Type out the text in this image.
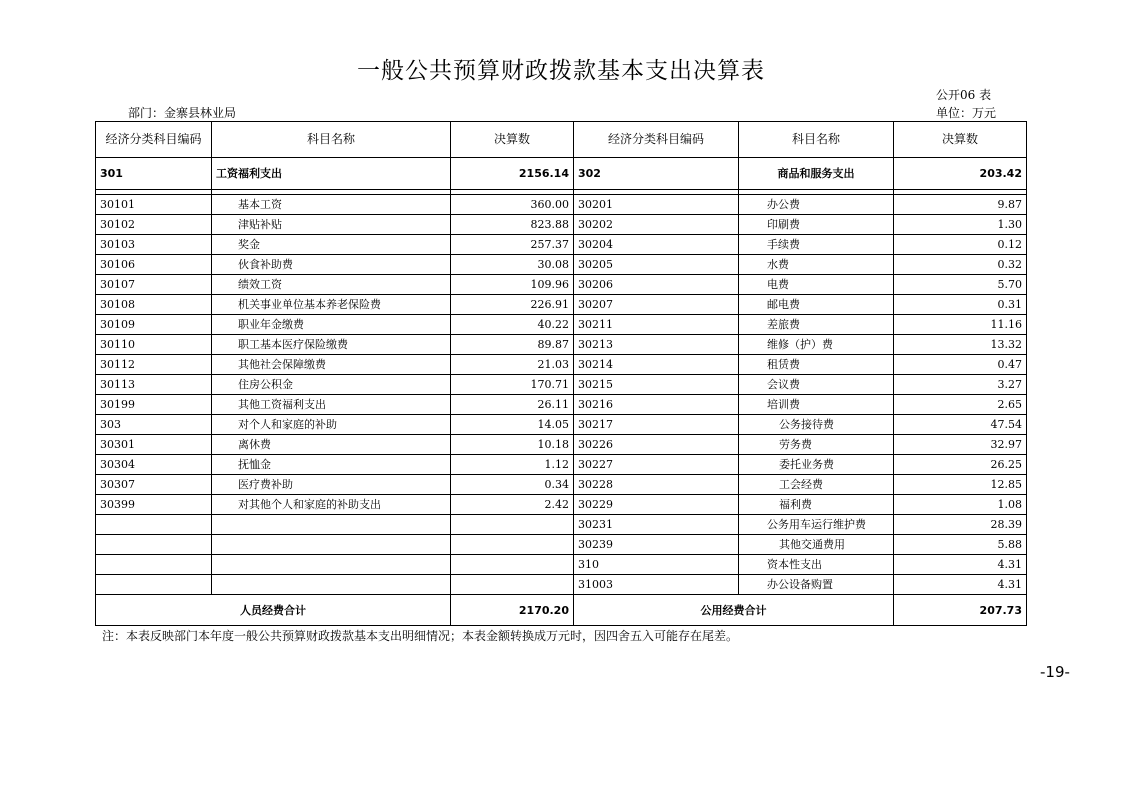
一般公共预算财政拨款基本支出决算表
公开06 表
部门：金寨县林业局	单位：万元
经济分类科目编码	科目名称	决算数	经济分类科目编码	科目名称	决算数
301	工资福利支出	2156.14	302	商品和服务支出	203.42

30101	基本工资	360.00	30201	办公费	9.87
30102	津贴补贴	823.88	30202	印刷费	1.30
30103	奖金	257.37	30204	手续费	0.12
30106	伙食补助费	30.08	30205	水费	0.32
30107	绩效工资	109.96	30206	电费	5.70
30108	机关事业单位基本养老保险费	226.91	30207	邮电费	0.31
30109	职业年金缴费	40.22	30211	差旅费	11.16
30110	职工基本医疗保险缴费	89.87	30213	维修（护）费	13.32
30112	其他社会保障缴费	21.03	30214	租赁费	0.47
30113	住房公积金	170.71	30215	会议费	3.27
30199	其他工资福利支出	26.11	30216	培训费	2.65
303	对个人和家庭的补助	14.05	30217	公务接待费	47.54
30301	离休费	10.18	30226	劳务费	32.97
30304	抚恤金	1.12	30227	委托业务费	26.25
30307	医疗费补助	0.34	30228	工会经费	12.85
30399	对其他个人和家庭的补助支出	2.42	30229	福利费	1.08
			30231	公务用车运行维护费	28.39
			30239	其他交通费用	5.88
			310	资本性支出	4.31
			31003	办公设备购置	4.31
人员经费合计		2170.20	公用经费合计		207.73
注：本表反映部门本年度一般公共预算财政拨款基本支出明细情况；本表金额转换成万元时，因四舍五入可能存在尾差。
-19-
